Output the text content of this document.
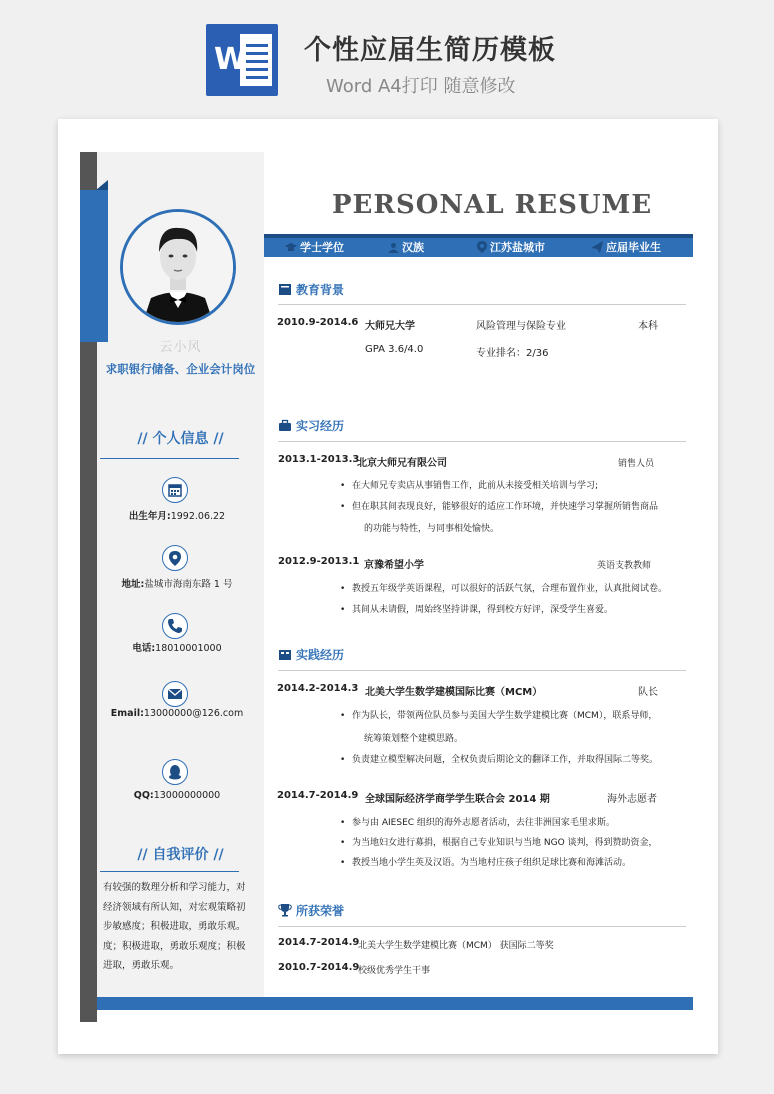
W 个性应届生简历模板
Word A4打印 随意修改
云小风
求职银行储备、企业会计岗位
// 个人信息 //
出生年月:1992.06.22
地址:盐城市海南东路 1 号
电话:18010001000
Email:13000000@126.com
QQ:13000000000
// 自我评价 //
有较强的数理分析和学习能力，对
经济领域有所认知，对宏观策略初
步敏感度；积极进取，勇敢乐观。
度；积极进取，勇敢乐观度；积极
进取，勇敢乐观。
PERSONAL RESUME
学士学位	汉族	江苏盐城市	应届毕业生
教育背景
2010.9-2014.6 大师兄大学	风险管理与保险专业	本科
GPA 3.6/4.0	专业排名：2/36
实习经历
2013.1-2013.3
北京大师兄有限公司	销售人员
• 在大师兄专卖店从事销售工作，此前从未接受相关培训与学习;
• 但在职其间表现良好，能够很好的适应工作环境，并快速学习掌握所销售商品
的功能与特性，与同事相处愉快。
2012.9-2013.1 京豫希望小学	英语支教教师
• 教授五年级学英语课程，可以很好的活跃气氛，合理布置作业，认真批阅试卷。
• 其间从未请假，周始终坚持讲课，得到校方好评，深受学生喜爱。
实践经历
2014.2-2014.3 北美大学生数学建模国际比赛（MCM）	队长
• 作为队长，带领两位队员参与美国大学生数学建模比赛（MCM），联系导师，
统筹策划整个建模思路。
• 负责建立模型解决问题，全权负责后期论文的翻译工作，并取得国际二等奖。
2014.7-2014.9 全球国际经济学商学学生联合会 2014 期	海外志愿者
• 参与由 AIESEC 组织的海外志愿者活动，去往非洲国家毛里求斯。
• 为当地妇女进行募捐，根据自己专业知识与当地 NGO 谈判，得到赞助资金，
• 教授当地小学生英及汉语。为当地村庄孩子组织足球比赛和海滩活动。
所获荣誉
2014.7-2014.9
北美大学生数学建模比赛（MCM） 获国际二等奖
2010.7-2014.9
校级优秀学生干事
